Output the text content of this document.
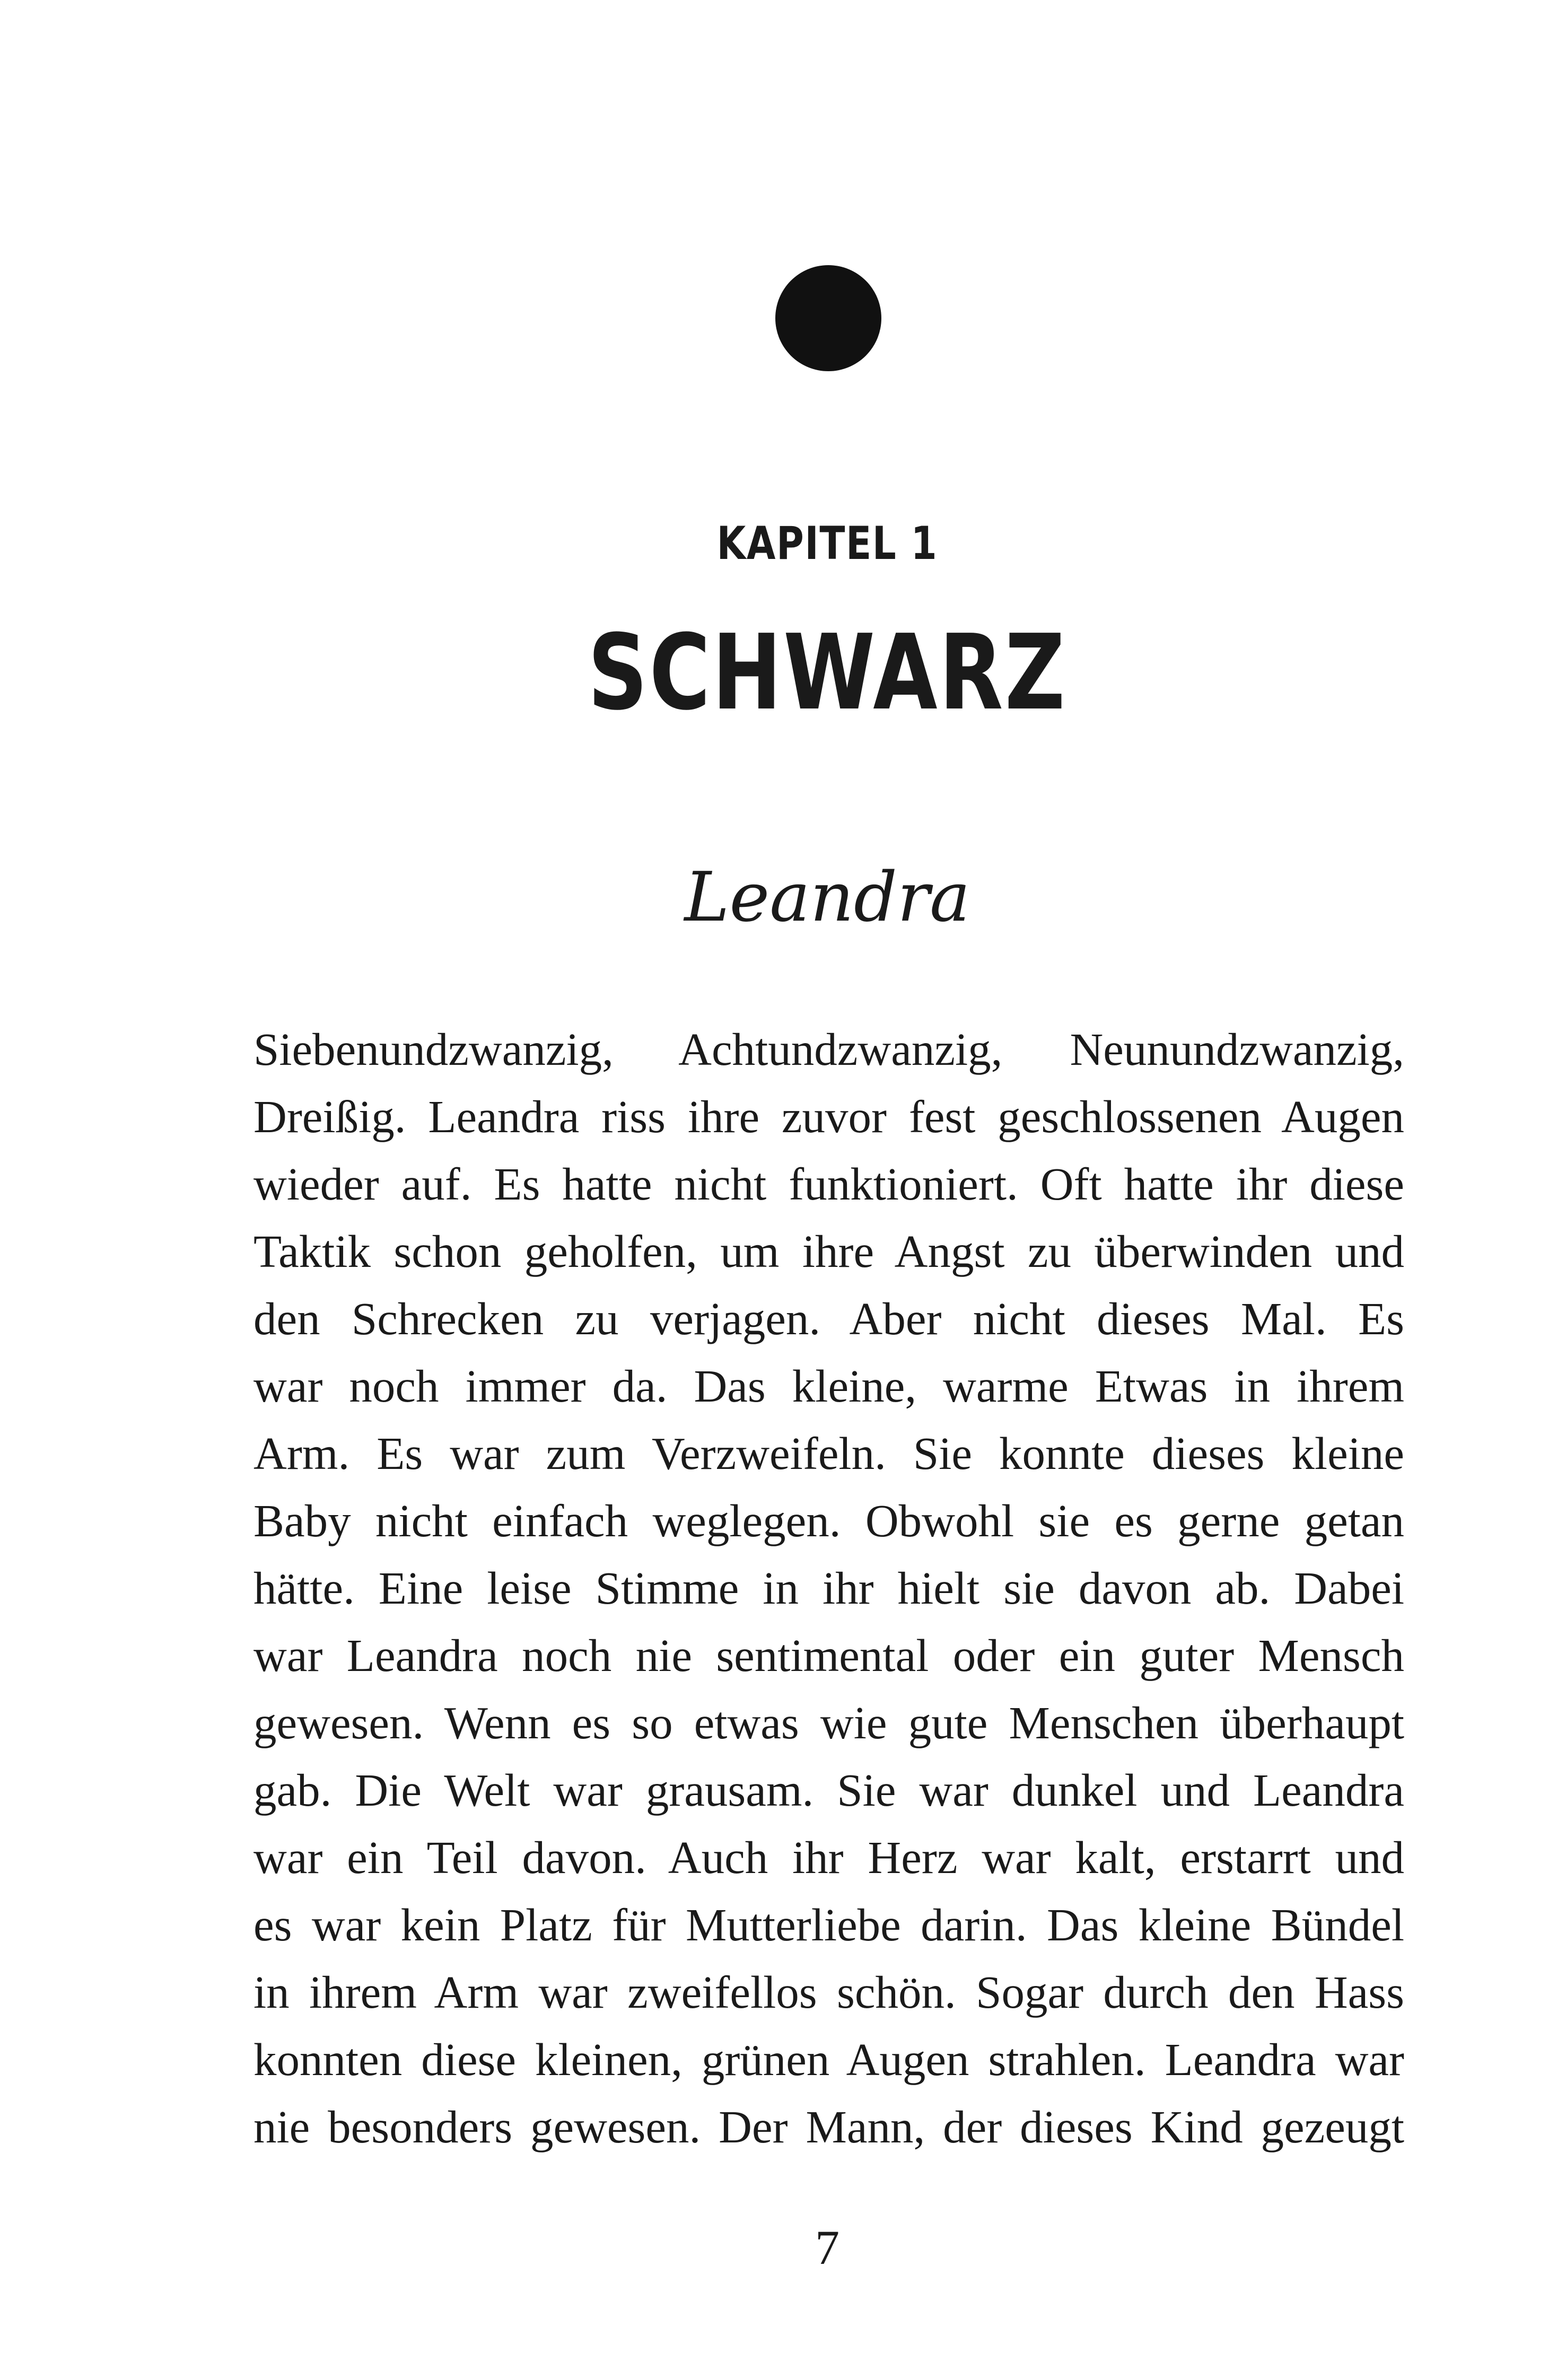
KAPITEL 1
SCHWARZ
Leandra
Siebenundzwanzig, Achtundzwanzig, Neunundzwanzig,
Dreißig. Leandra riss ihre zuvor fest geschlossenen Augen
wieder auf. Es hatte nicht funktioniert. Oft hatte ihr diese
Taktik schon geholfen, um ihre Angst zu überwinden und
den Schrecken zu verjagen. Aber nicht dieses Mal. Es
war noch immer da. Das kleine, warme Etwas in ihrem
Arm. Es war zum Verzweifeln. Sie konnte dieses kleine
Baby nicht einfach weglegen. Obwohl sie es gerne getan
hätte. Eine leise Stimme in ihr hielt sie davon ab. Dabei
war Leandra noch nie sentimental oder ein guter Mensch
gewesen. Wenn es so etwas wie gute Menschen überhaupt
gab. Die Welt war grausam. Sie war dunkel und Leandra
war ein Teil davon. Auch ihr Herz war kalt, erstarrt und
es war kein Platz für Mutterliebe darin. Das kleine Bündel
in ihrem Arm war zweifellos schön. Sogar durch den Hass
konnten diese kleinen, grünen Augen strahlen. Leandra war
nie besonders gewesen. Der Mann, der dieses Kind gezeugt
7
